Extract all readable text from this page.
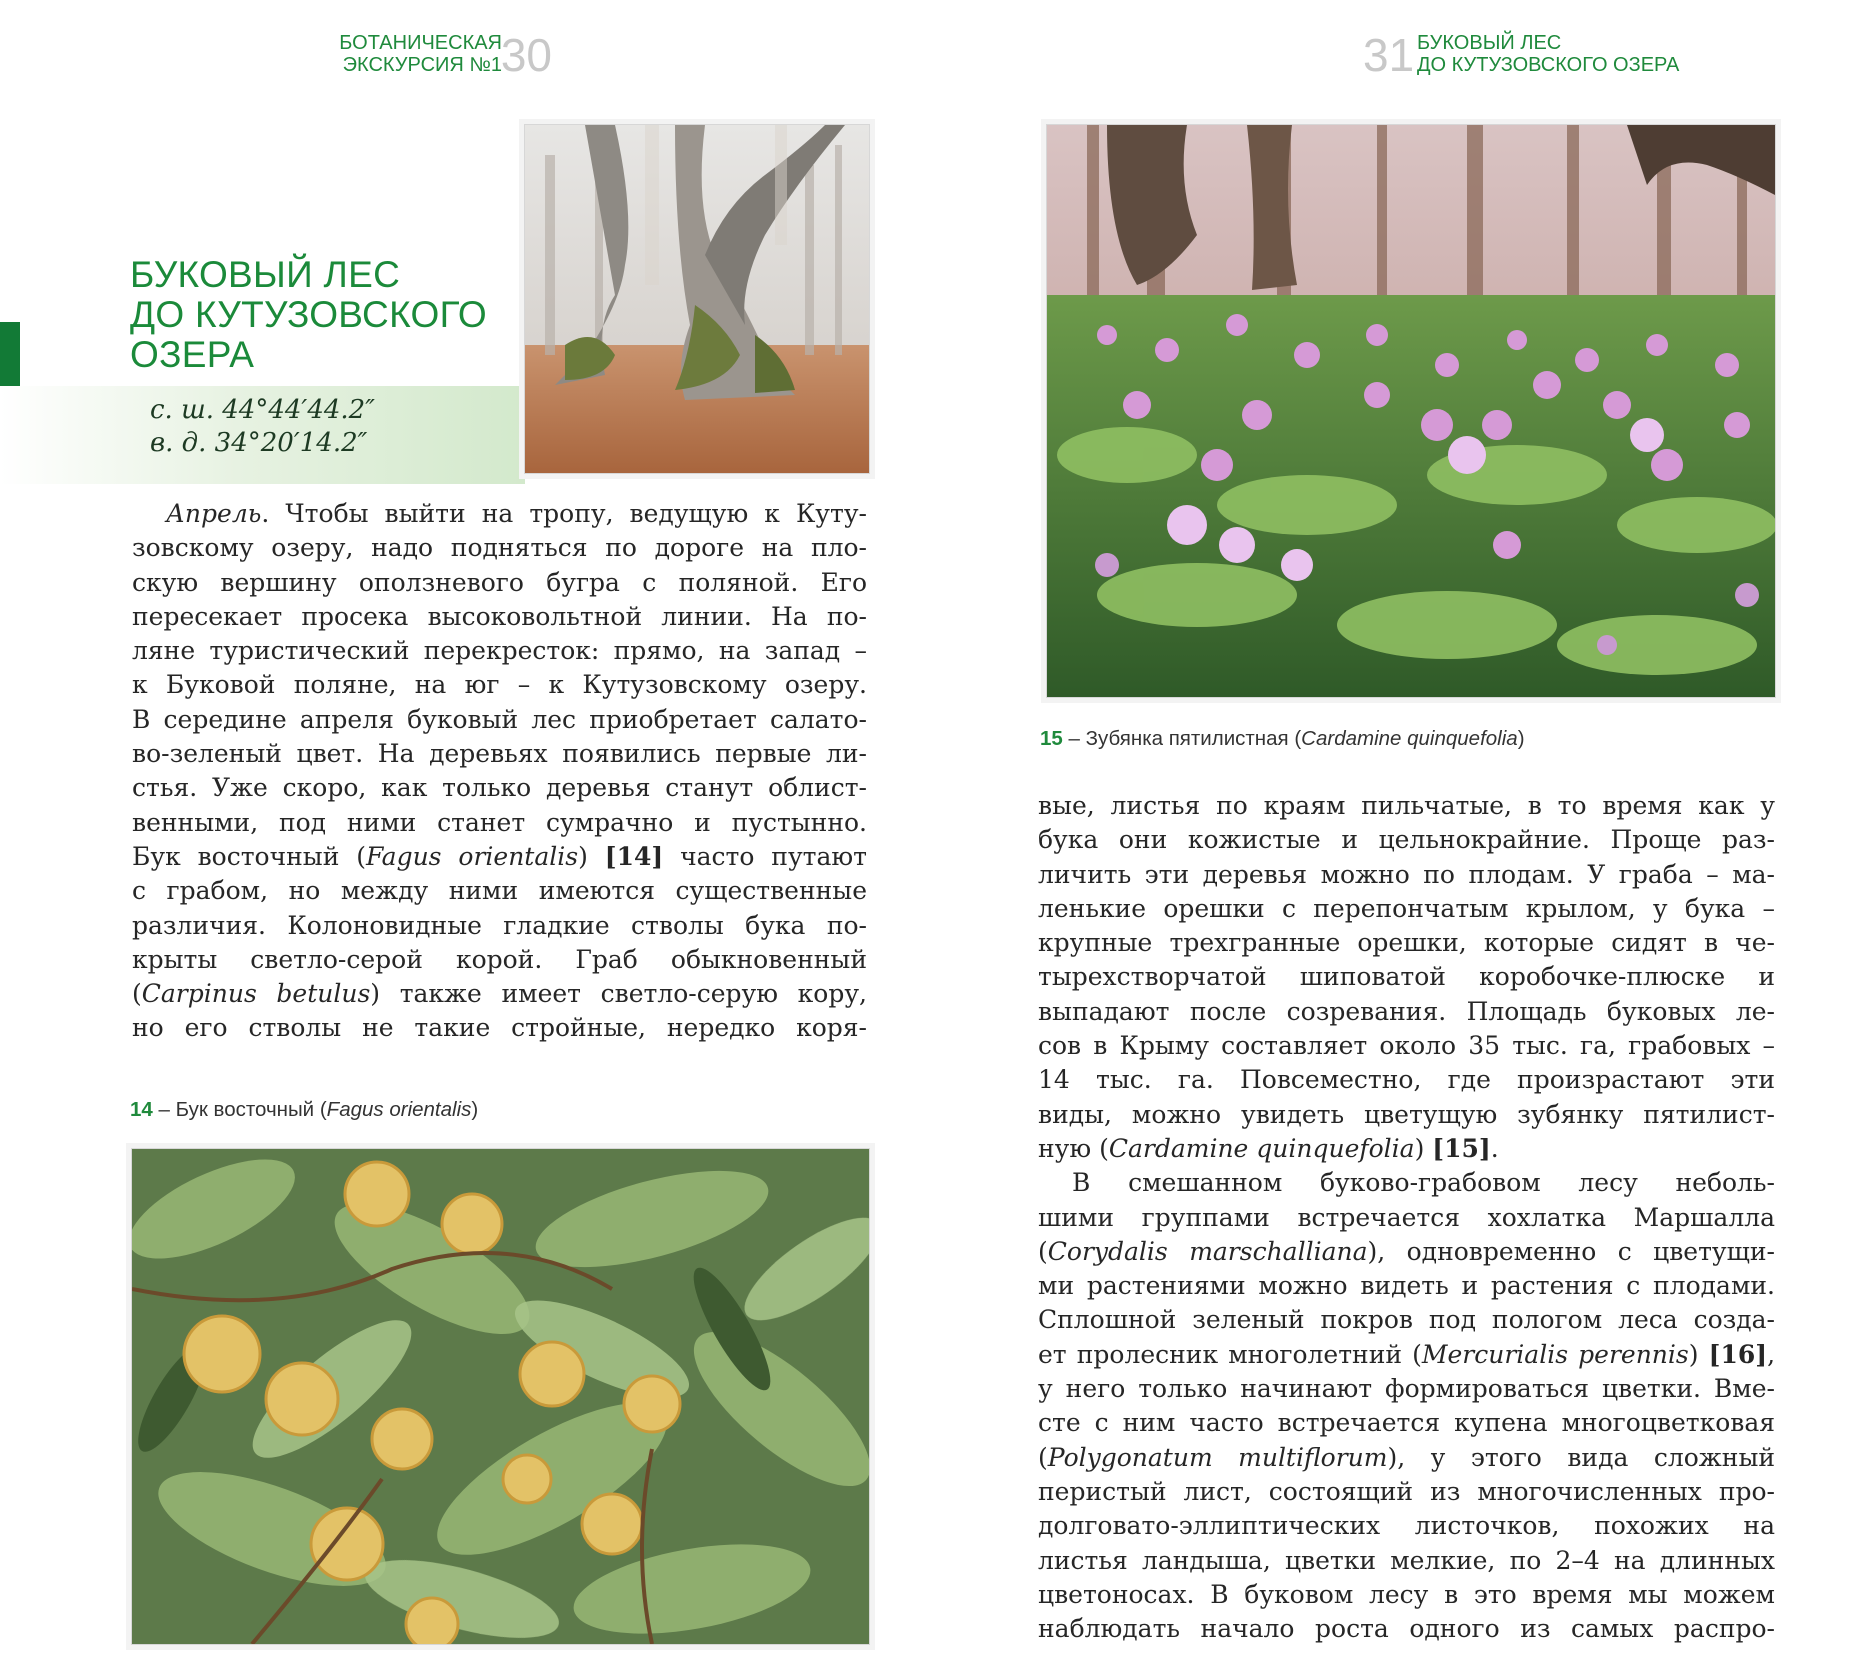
БОТАНИЧЕСКАЯ
ЭКСКУРСИЯ №1
30
БУКОВЫЙ ЛЕС
ДО КУТУЗОВСКОГО
ОЗЕРА
с. ш. 44°44′44.2″
в. д. 34°20′14.2″
Апрель. Чтобы выйти на тропу, ведущую к Куту-
зовскому озеру, надо подняться по дороге на пло-
скую вершину оползневого бугра с поляной. Его
пересекает просека высоковольтной линии. На по-
ляне туристический перекресток: прямо, на запад –
к Буковой поляне, на юг – к Кутузовскому озеру.
В середине апреля буковый лес приобретает салато-
во-зеленый цвет. На деревьях появились первые ли-
стья. Уже скоро, как только деревья станут облист-
венными, под ними станет сумрачно и пустынно.
Бук восточный (Fagus orientalis) [14] часто путают
с грабом, но между ними имеются существенные
различия. Колоновидные гладкие стволы бука по-
крыты светло-серой корой. Граб обыкновенный
(Carpinus betulus) также имеет светло-серую кору,
но его стволы не такие стройные, нередко коря-
14 – Бук восточный (Fagus orientalis)
31 БУКОВЫЙ ЛЕС
ДО КУТУЗОВСКОГО ОЗЕРА
15 – Зубянка пятилистная (Cardamine quinquefolia)
вые, листья по краям пильчатые, в то время как у
бука они кожистые и цельнокрайние. Проще раз-
личить эти деревья можно по плодам. У граба – ма-
ленькие орешки с перепончатым крылом, у бука –
крупные трехгранные орешки, которые сидят в че-
тырехстворчатой шиповатой коробочке-плюске и
выпадают после созревания. Площадь буковых ле-
сов в Крыму составляет около 35 тыс. га, грабовых –
14 тыс. га. Повсеместно, где произрастают эти
виды, можно увидеть цветущую зубянку пятилист-
ную (Cardamine quinquefolia) [15].
В смешанном буково-грабовом лесу неболь-
шими группами встречается хохлатка Маршалла
(Corydalis marschalliana), одновременно с цветущи-
ми растениями можно видеть и растения с плодами.
Сплошной зеленый покров под пологом леса созда-
ет пролесник многолетний (Mercurialis perennis) [16],
у него только начинают формироваться цветки. Вме-
сте с ним часто встречается купена многоцветковая
(Polygonatum multiflorum), у этого вида сложный
перистый лист, состоящий из многочисленных про-
долговато-эллиптических листочков, похожих на
листья ландыша, цветки мелкие, по 2–4 на длинных
цветоносах. В буковом лесу в это время мы можем
наблюдать начало роста одного из самых распро-
